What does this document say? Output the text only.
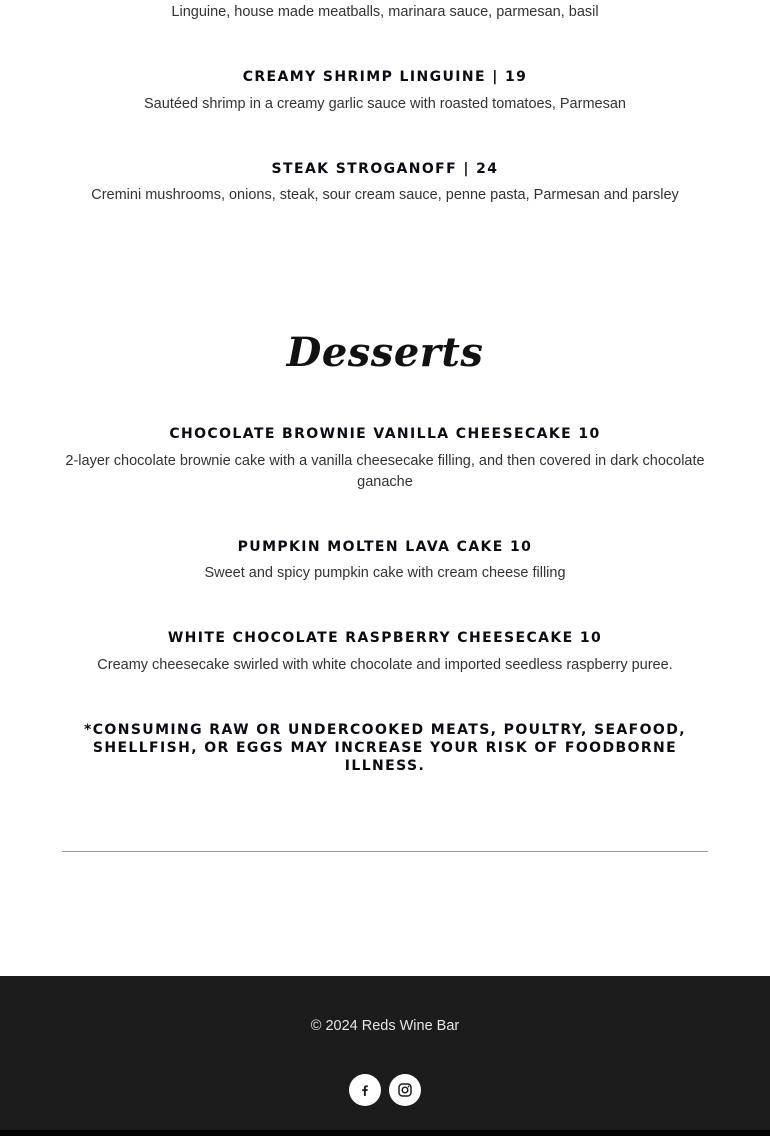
Linguine, house made meatballs, marinara sauce, parmesan, basil
CREAMY SHRIMP LINGUINE | 19
Sautéed shrimp in a creamy garlic sauce with roasted tomatoes, Parmesan
STEAK STROGANOFF | 24
Cremini mushrooms, onions, steak, sour cream sauce, penne pasta, Parmesan and parsley
Desserts
CHOCOLATE BROWNIE VANILLA CHEESECAKE 10
2-layer chocolate brownie cake with a vanilla cheesecake filling, and then covered in dark chocolate ganache
PUMPKIN MOLTEN LAVA CAKE 10
Sweet and spicy pumpkin cake with cream cheese filling
WHITE CHOCOLATE RASPBERRY CHEESECAKE 10
Creamy cheesecake swirled with white chocolate and imported seedless raspberry puree.
*CONSUMING RAW OR UNDERCOOKED MEATS, POULTRY, SEAFOOD, SHELLFISH, OR EGGS MAY INCREASE YOUR RISK OF FOODBORNE ILLNESS.
© 2024 Reds Wine Bar
